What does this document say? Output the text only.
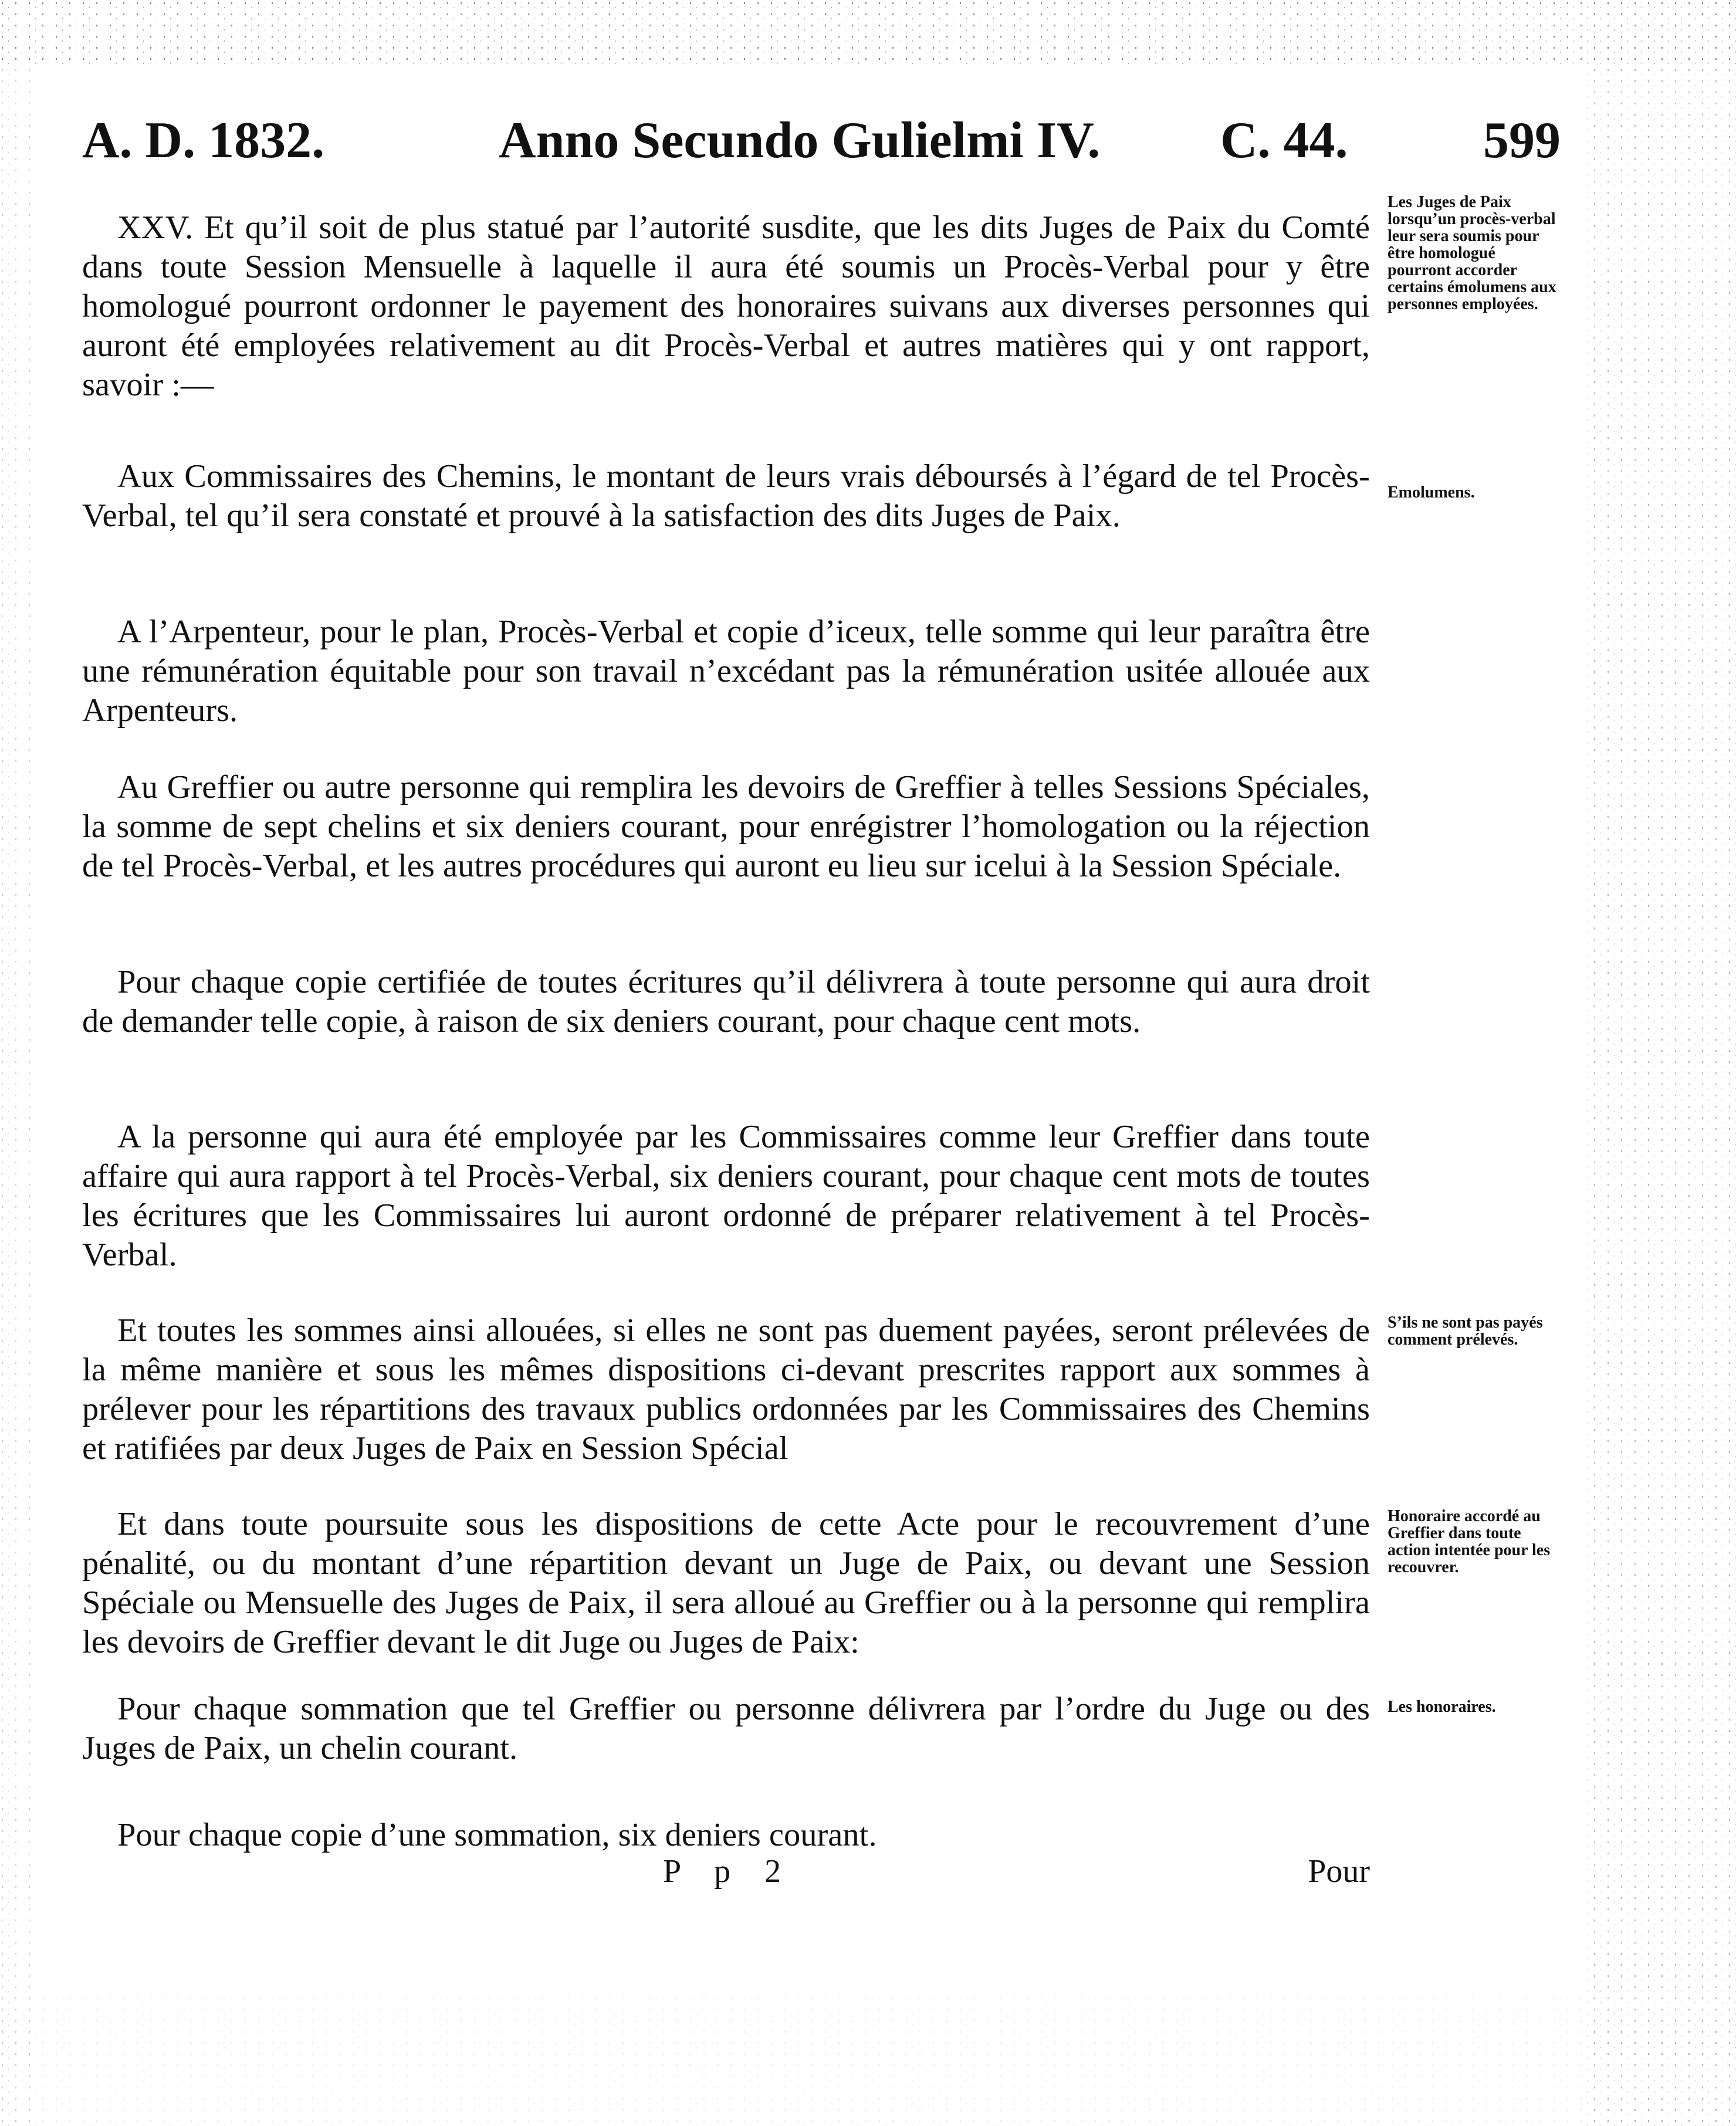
A. D. 1832.	Anno Secundo Gulielmi IV. C. 44.	599

XXV. Et qu’il soit de plus statué par l’autorité susdite, que les dits Juges de Paix du Comté dans toute Session Mensuelle à laquelle il aura été soumis un Procès-Verbal pour y être homologué pourront ordonner le payement des honoraires suivans aux diverses personnes qui auront été employées relativement au dit Procès-Verbal et autres matières qui y ont rapport, savoir :—

Aux Commissaires des Chemins, le montant de leurs vrais déboursés à l’égard de tel Procès-Verbal, tel qu’il sera constaté et prouvé à la satisfaction des dits Juges de Paix.

A l’Arpenteur, pour le plan, Procès-Verbal et copie d’iceux, telle somme qui leur paraîtra être une rémunération équitable pour son travail n’excédant pas la rémunération usitée allouée aux Arpenteurs.

Au Greffier ou autre personne qui remplira les devoirs de Greffier à telles Sessions Spéciales, la somme de sept chelins et six deniers courant, pour enrégistrer l’homologation ou la réjection de tel Procès-Verbal, et les autres procédures qui auront eu lieu sur icelui à la Session Spéciale.

Pour chaque copie certifiée de toutes écritures qu’il délivrera à toute personne qui aura droit de demander telle copie, à raison de six deniers courant, pour chaque cent mots.

A la personne qui aura été employée par les Commissaires comme leur Greffier dans toute affaire qui aura rapport à tel Procès-Verbal, six deniers courant, pour chaque cent mots de toutes les écritures que les Commissaires lui auront ordonné de préparer relativement à tel Procès-Verbal.

Et toutes les sommes ainsi allouées, si elles ne sont pas duement payées, seront prélevées de la même manière et sous les mêmes dispositions ci-devant prescrites rapport aux sommes à prélever pour les répartitions des travaux publics ordonnées par les Commissaires des Chemins et ratifiées par deux Juges de Paix en Session Spécial

Et dans toute poursuite sous les dispositions de cette Acte pour le recouvrement d’une pénalité, ou du montant d’une répartition devant un Juge de Paix, ou devant une Session Spéciale ou Mensuelle des Juges de Paix, il sera alloué au Greffier ou à la personne qui remplira les devoirs de Greffier devant le dit Juge ou Juges de Paix:

Pour chaque sommation que tel Greffier ou personne délivrera par l’ordre du Juge ou des Juges de Paix, un chelin courant.

Pour chaque copie d’une sommation, six deniers courant.

P p 2	Pour
Les Juges de Paix lorsqu’un procès-verbal leur sera soumis pour être homologué pourront accorder certains émolumens aux personnes employées.
Emolumens.
S’ils ne sont pas payés comment prélevés.
Honoraire accordé au Greffier dans toute action intentée pour les recouvrer.
Les honoraires.
